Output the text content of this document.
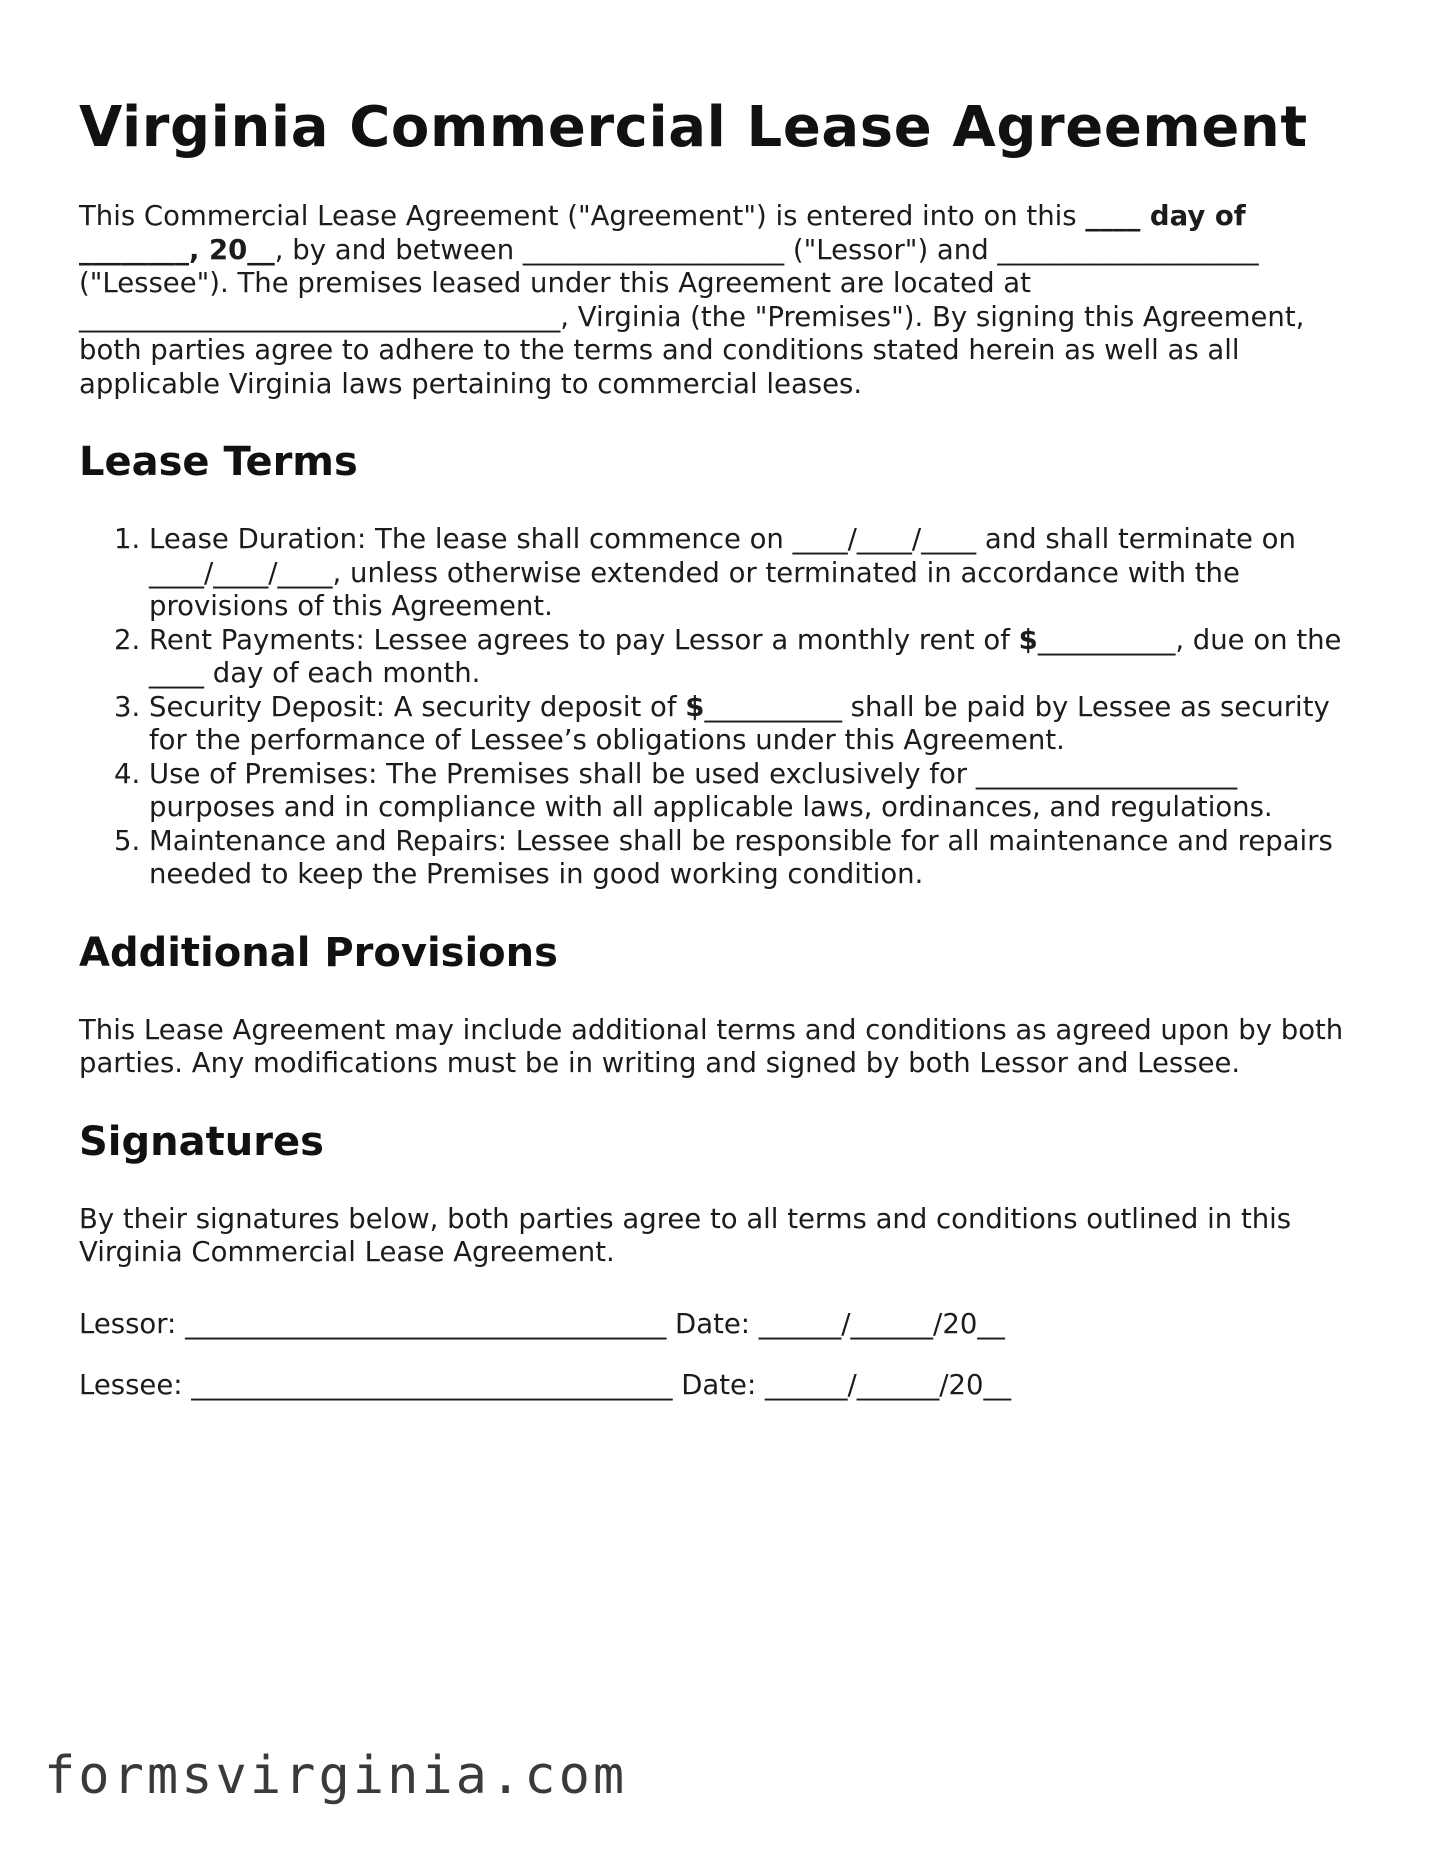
Virginia Commercial Lease Agreement

This Commercial Lease Agreement ("Agreement") is entered into on this ____ day of ________, 20__, by and between ___________________ ("Lessor") and ___________________ ("Lessee"). The premises leased under this Agreement are located at ___________________________________, Virginia (the "Premises"). By signing this Agreement, both parties agree to adhere to the terms and conditions stated herein as well as all applicable Virginia laws pertaining to commercial leases.

Lease Terms
1. Lease Duration: The lease shall commence on ____/____/____ and shall terminate on ____/____/____, unless otherwise extended or terminated in accordance with the provisions of this Agreement.
2. Rent Payments: Lessee agrees to pay Lessor a monthly rent of $__________, due on the ____ day of each month.
3. Security Deposit: A security deposit of $__________ shall be paid by Lessee as security for the performance of Lessee’s obligations under this Agreement.
4. Use of Premises: The Premises shall be used exclusively for ___________________ purposes and in compliance with all applicable laws, ordinances, and regulations.
5. Maintenance and Repairs: Lessee shall be responsible for all maintenance and repairs needed to keep the Premises in good working condition.
Additional Provisions

This Lease Agreement may include additional terms and conditions as agreed upon by both parties. Any modifications must be in writing and signed by both Lessor and Lessee.

Signatures

By their signatures below, both parties agree to all terms and conditions outlined in this Virginia Commercial Lease Agreement.

Lessor: ___________________________________ Date: ______/______/20__

Lessee: ___________________________________ Date: ______/______/20__

formsvirginia.com
